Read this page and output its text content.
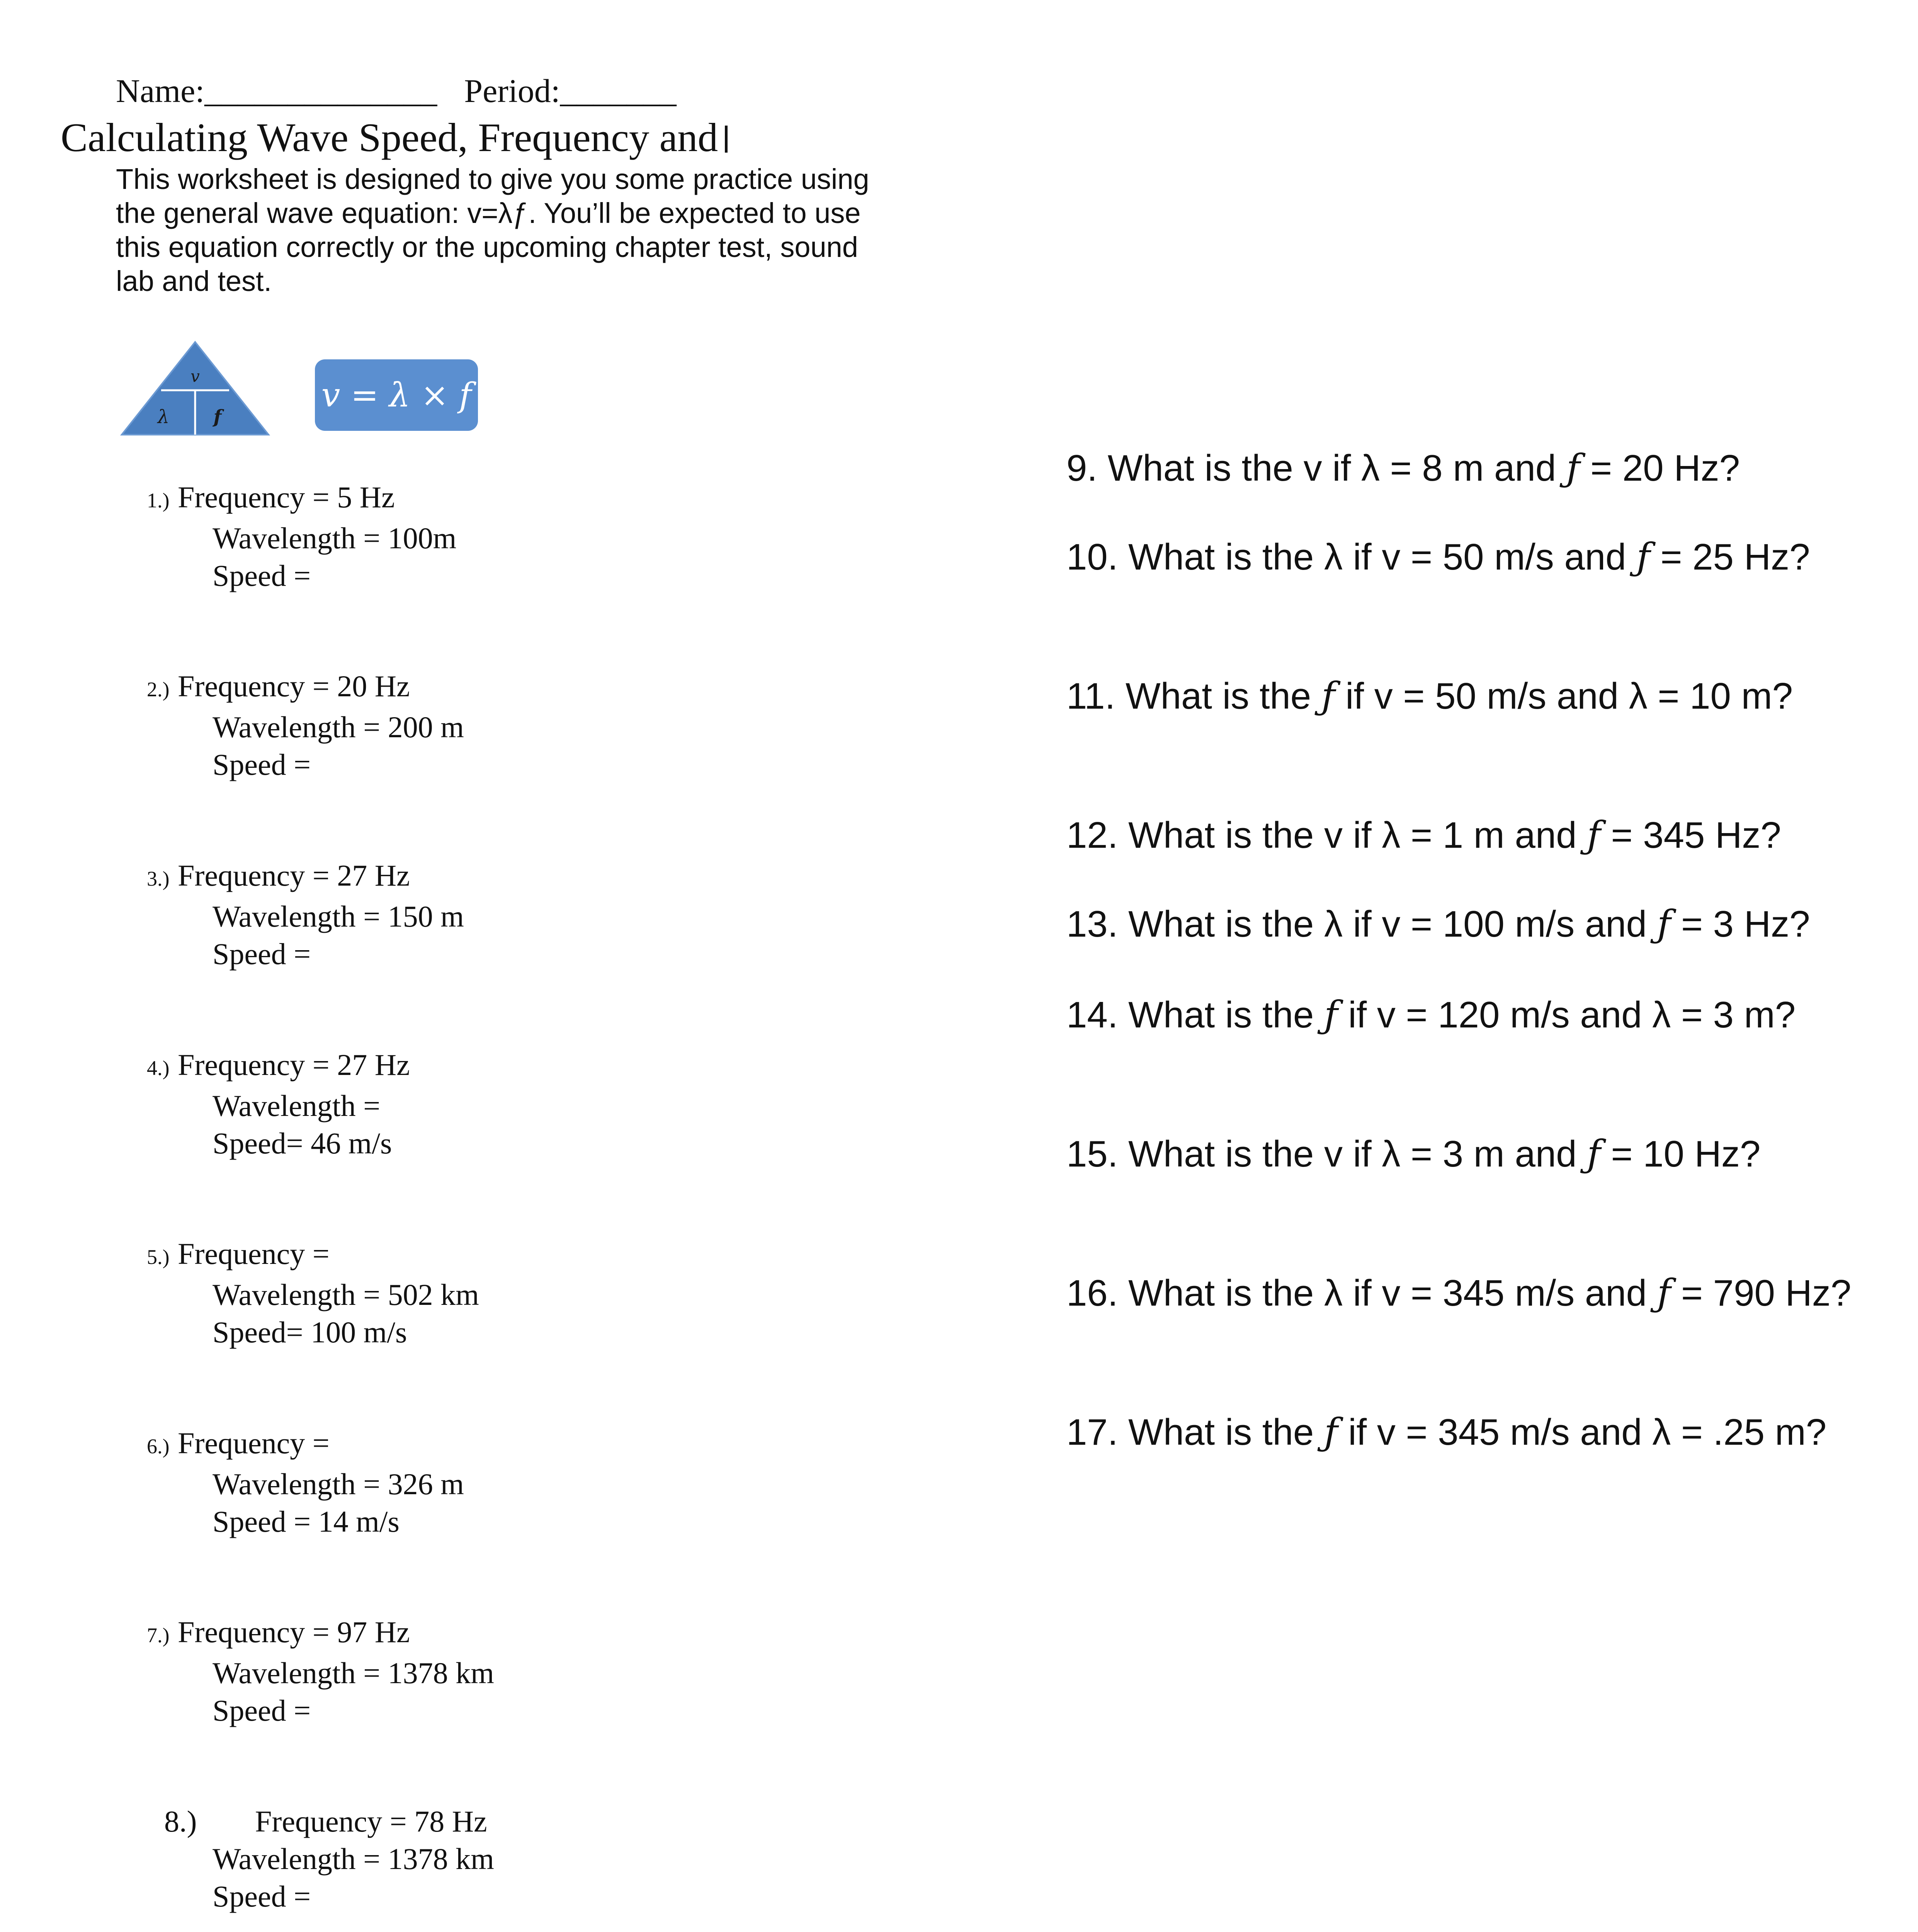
Name:______________ Period:_______
Calculating Wave Speed, Frequency and
This worksheet is designed to give you some practice using the general wave equation: v=λƒ. You’ll be expected to use this equation correctly or the upcoming chapter test, sound lab and test.
v
λ f
v = λ × f
1.) Frequency = 5 Hz
Wavelength = 100m
Speed =
2.) Frequency = 20 Hz
Wavelength = 200 m
Speed =
3.) Frequency = 27 Hz
Wavelength = 150 m
Speed =
4.) Frequency = 27 Hz
Wavelength =
Speed= 46 m/s
5.) Frequency =
Wavelength = 502 km
Speed= 100 m/s
6.) Frequency =
Wavelength = 326 m
Speed = 14 m/s
7.) Frequency = 97 Hz
Wavelength = 1378 km
Speed =
8.) Frequency = 78 Hz
Wavelength = 1378 km
Speed =
9. What is the v if λ = 8 m and ƒ = 20 Hz?
10. What is the λ if v = 50 m/s and ƒ = 25 Hz?
11. What is the ƒ if v = 50 m/s and λ = 10 m?
12. What is the v if λ = 1 m and ƒ = 345 Hz?
13. What is the λ if v = 100 m/s and ƒ = 3 Hz?
14. What is the ƒ if v = 120 m/s and λ = 3 m?
15. What is the v if λ = 3 m and ƒ = 10 Hz?
16. What is the λ if v = 345 m/s and ƒ = 790 Hz?
17. What is the ƒ if v = 345 m/s and λ = .25 m?
